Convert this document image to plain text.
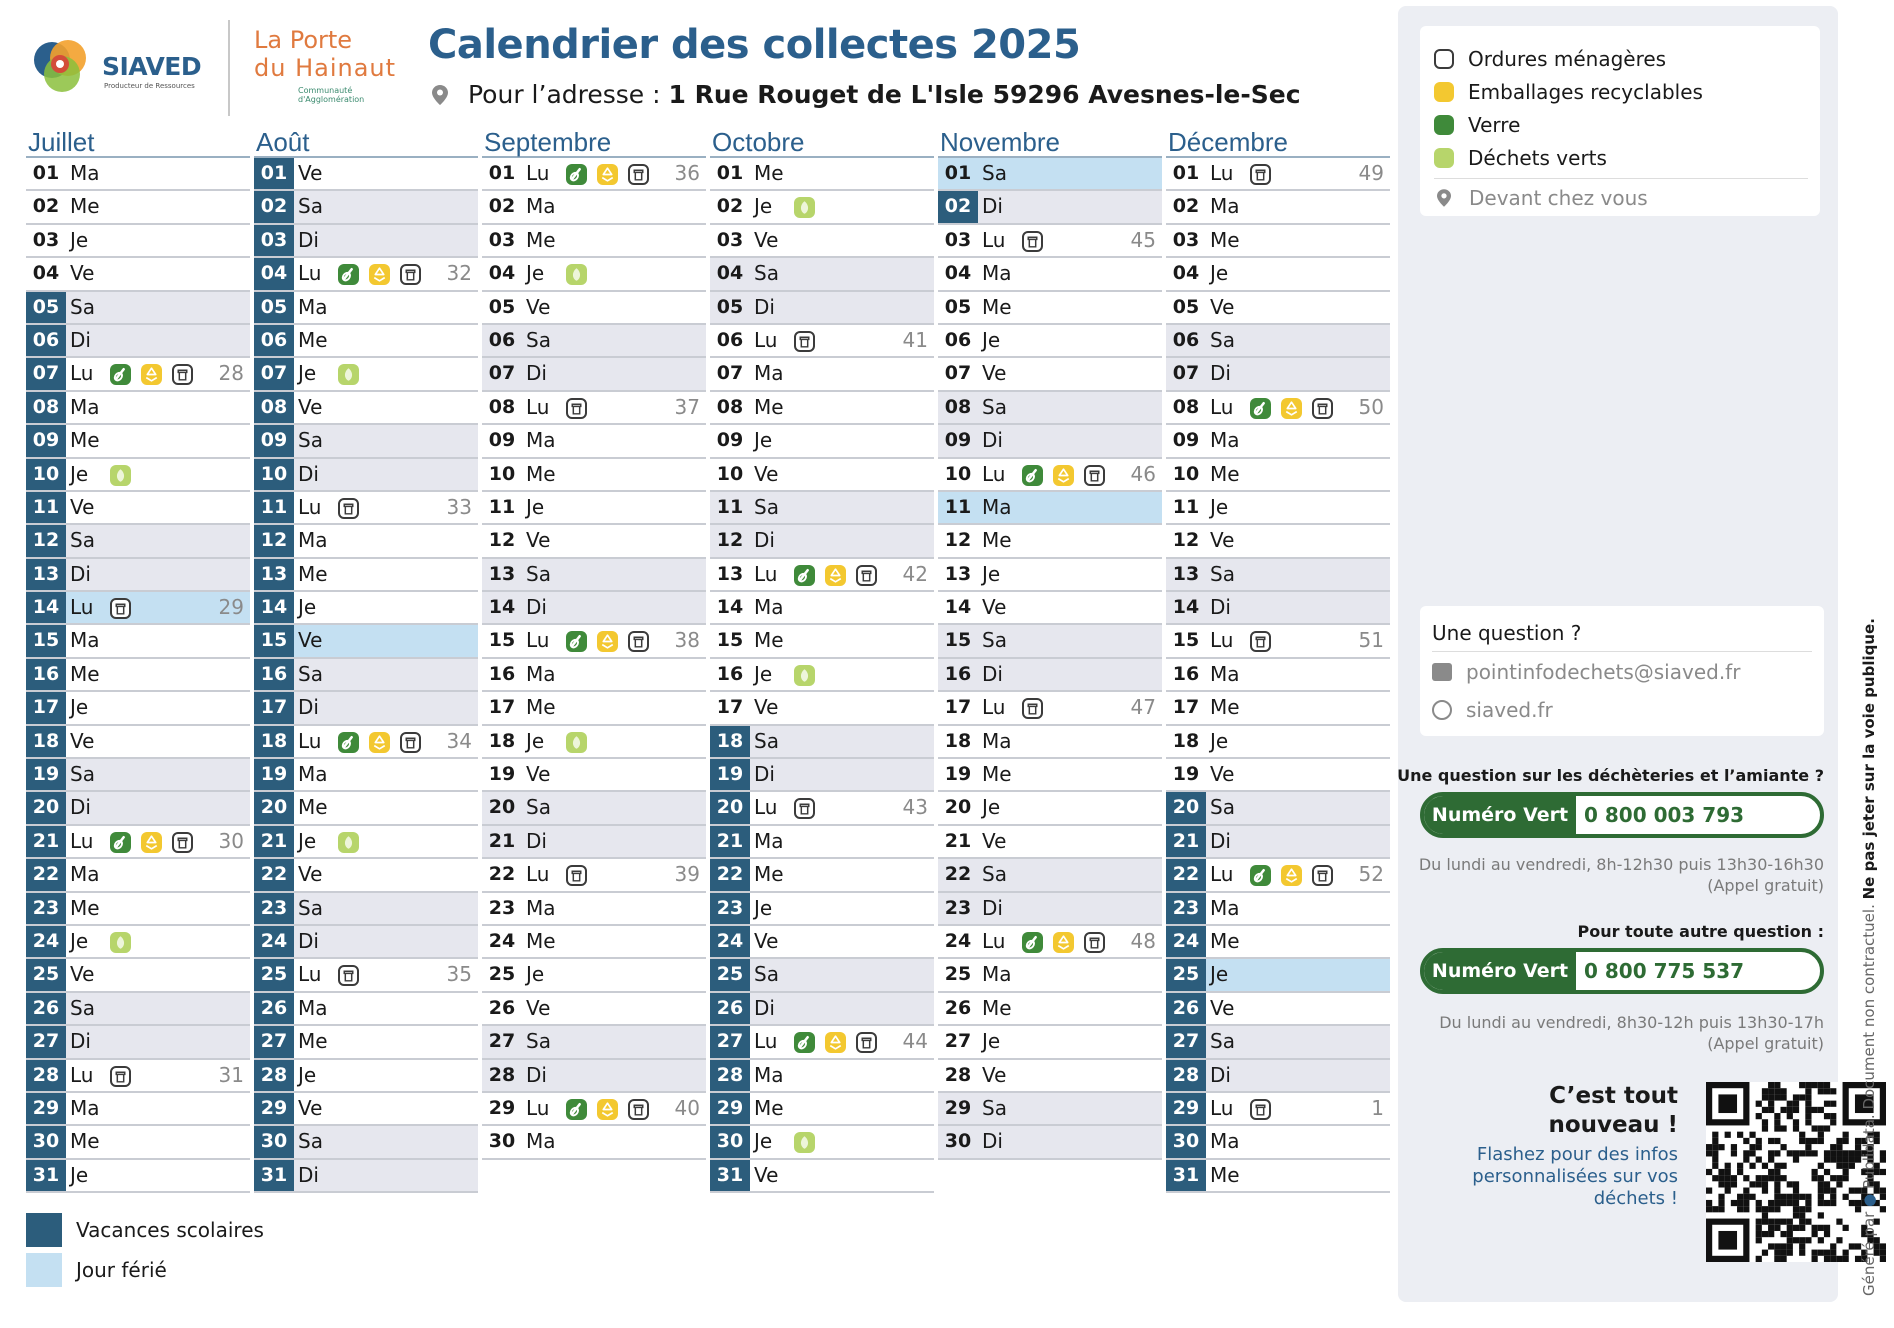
SIAVED
Producteur de Ressources
La Porte
du Hainaut
Communauté d'Agglomération
Calendrier des collectes 2025
Pour l’adresse : 1 Rue Rouget de L'Isle 59296 Avesnes-le-Sec
Juillet
01 Ma
02 Me
03 Je
04 Ve
05 Sa
06 Di
07 Lu	28
08 Ma
09 Me
10 Je
11 Ve
12 Sa
13 Di
14 Lu	29
15 Ma
16 Me
17 Je
18 Ve
19 Sa
20 Di
21 Lu	30
22 Ma
23 Me
24 Je
25 Ve
26 Sa
27 Di
28 Lu	31
29 Ma
30 Me
31 Je
Août
01 Ve
02 Sa
03 Di
04 Lu	32
05 Ma
06 Me
07 Je
08 Ve
09 Sa
10 Di
11 Lu	33
12 Ma
13 Me
14 Je
15 Ve
16 Sa
17 Di
18 Lu	34
19 Ma
20 Me
21 Je
22 Ve
23 Sa
24 Di
25 Lu	35
26 Ma
27 Me
28 Je
29 Ve
30 Sa
31 Di
Septembre
01 Lu	36
02 Ma
03 Me
04 Je
05 Ve
06 Sa
07 Di
08 Lu	37
09 Ma
10 Me
11 Je
12 Ve
13 Sa
14 Di
15 Lu	38
16 Ma
17 Me
18 Je
19 Ve
20 Sa
21 Di
22 Lu	39
23 Ma
24 Me
25 Je
26 Ve
27 Sa
28 Di
29 Lu	40
30 Ma
Octobre
01 Me
02 Je
03 Ve
04 Sa
05 Di
06 Lu	41
07 Ma
08 Me
09 Je
10 Ve
11 Sa
12 Di
13 Lu	42
14 Ma
15 Me
16 Je
17 Ve
18 Sa
19 Di
20 Lu	43
21 Ma
22 Me
23 Je
24 Ve
25 Sa
26 Di
27 Lu	44
28 Ma
29 Me
30 Je
31 Ve
Novembre
01 Sa
02 Di
03 Lu	45
04 Ma
05 Me
06 Je
07 Ve
08 Sa
09 Di
10 Lu	46
11 Ma
12 Me
13 Je
14 Ve
15 Sa
16 Di
17 Lu	47
18 Ma
19 Me
20 Je
21 Ve
22 Sa
23 Di
24 Lu	48
25 Ma
26 Me
27 Je
28 Ve
29 Sa
30 Di
Décembre
01 Lu	49
02 Ma
03 Me
04 Je
05 Ve
06 Sa
07 Di
08 Lu	50
09 Ma
10 Me
11 Je
12 Ve
13 Sa
14 Di
15 Lu	51
16 Ma
17 Me
18 Je
19 Ve
20 Sa
21 Di
22 Lu	52
23 Ma
24 Me
25 Je
26 Ve
27 Sa
28 Di
29 Lu	1
30 Ma
31 Me
Vacances scolaires
Jour férié
Ordures ménagères
Emballages recyclables
Verre
Déchets verts
Devant chez vous
Une question ?
pointinfodechets@siaved.fr
siaved.fr
Une question sur les déchèteries et l’amiante ?
Numéro Vert 0 800 003 793
Du lundi au vendredi, 8h-12h30 puis 13h30-16h30
(Appel gratuit)
Pour toute autre question :
Numéro Vert 0 800 775 537
Du lundi au vendredi, 8h30-12h puis 13h30-17h
(Appel gratuit)
C’est tout nouveau !
Flashez pour des infos personnalisées sur vos déchets !
Généré par ● Publidata. Document non contractuel. Ne pas jeter sur la voie publique.
